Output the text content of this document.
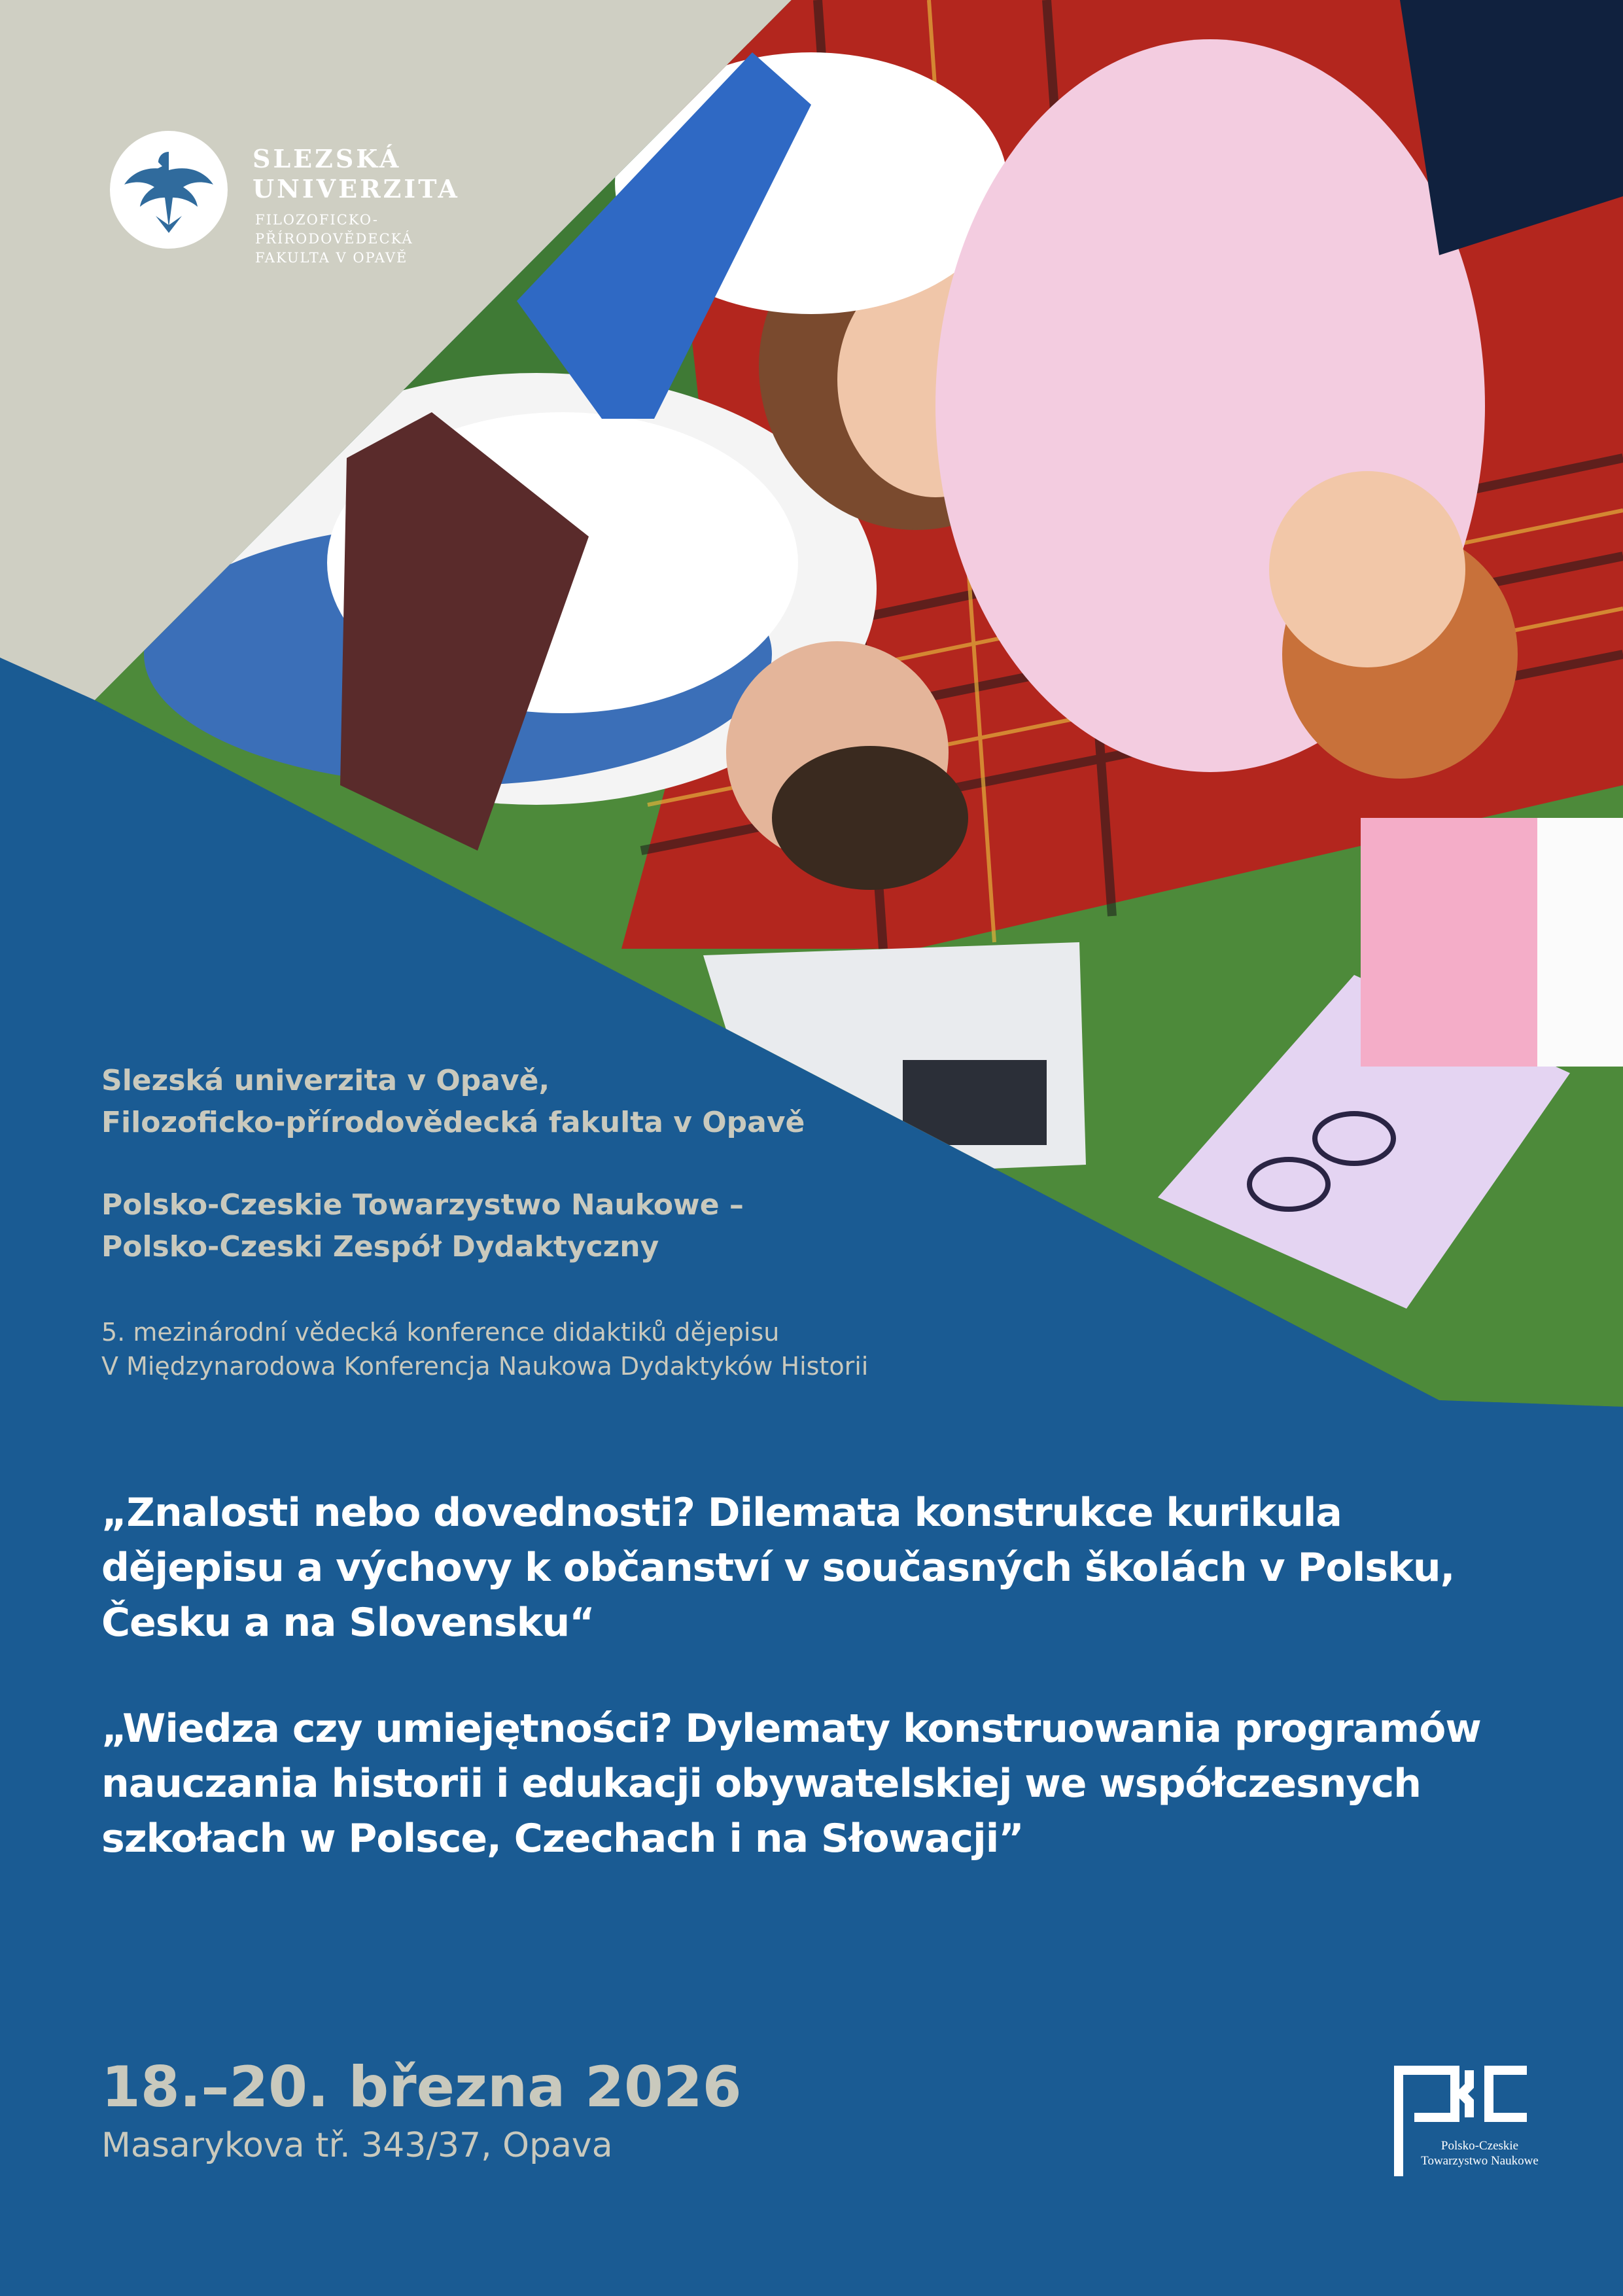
SLEZSKÁ
UNIVERZITA
FILOZOFICKO-
PŘÍRODOVĚDECKÁ
FAKULTA V OPAVĚ
Slezská univerzita v Opavě,
Filozoficko-přírodovědecká fakulta v Opavě
Polsko-Czeskie Towarzystwo Naukowe –
Polsko-Czeski Zespół Dydaktyczny
5. mezinárodní vědecká konference didaktiků dějepisu
V Międzynarodowa Konferencja Naukowa Dydaktyków Historii
„Znalosti nebo dovednosti? Dilemata konstrukce kurikula
dějepisu a výchovy k občanství v současných školách v Polsku,
Česku a na Slovensku“
„Wiedza czy umiejętności? Dylematy konstruowania programów
nauczania historii i edukacji obywatelskiej we współczesnych
szkołach w Polsce, Czechach i na Słowacji”
18.–20. března 2026
Masarykova tř. 343/37, Opava	Polsko-Czeskie
Towarzystwo Naukowe
